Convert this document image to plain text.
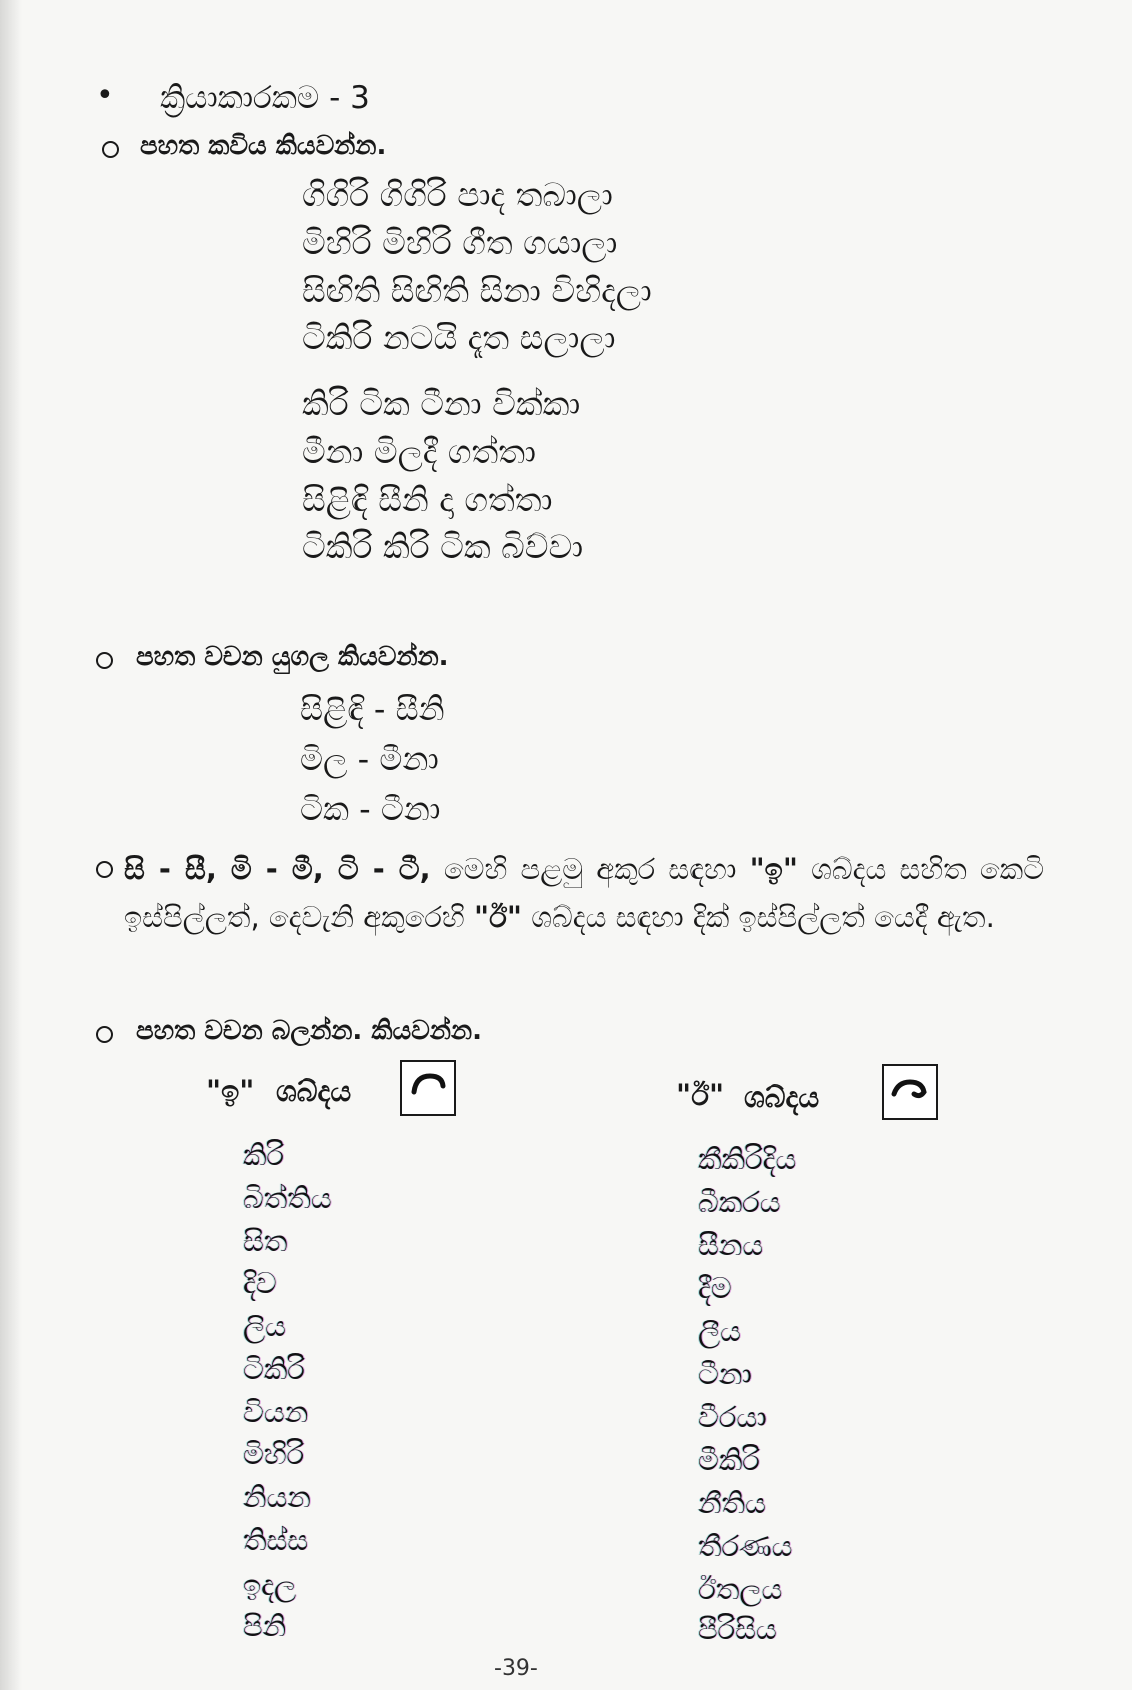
• ක්‍රියාකාරකම - 3
පහත කවිය කියවන්න.
ගිගිරි ගිගිරි පාද තබාලා
මිහිරි මිහිරි ගීත ගයාලා
සිඟිති සිඟිති සිනා විහිදලා
ටිකිරි නටයි දෑත සලාලා
කිරි ටික ටීනා වික්කා
මීනා මිලදී ගත්තා
සිළිඳි සීනි දා ගත්තා
ටිකිරි කිරි ටික බිව්වා
පහත වචන යුගල කියවන්න.
සිළිඳි - සීනි
මිල - මීනා
ටික - ටීනා
සි - සී, මි - මී, ටි - ටී, මෙහි පළමු අකුර සඳහා "ඉ" ශබ්දය සහිත කෙටි ඉස්පිල්ලත්, දෙවැනි අකුරෙහි "ඊ" ශබ්දය සඳහා දික් ඉස්පිල්ලත් යෙදී ඇත.
පහත වචන බලන්න. කියවන්න.
"ඉ" ශබ්දය	"ඊ" ශබ්දය
කිරි
බිත්තිය
සිත
දිව
ලිය
ටිකිරි
වියන
මිහිරි
නියන
තිස්ස
ඉදල
පිනි
කීකිරිදිය
බීකරය
සීනය
දීම
ලීය
ටීනා
වීරයා
මීකිරි
නීතිය
තීරණය
ඊතලය
පීරිසිය
-39-
